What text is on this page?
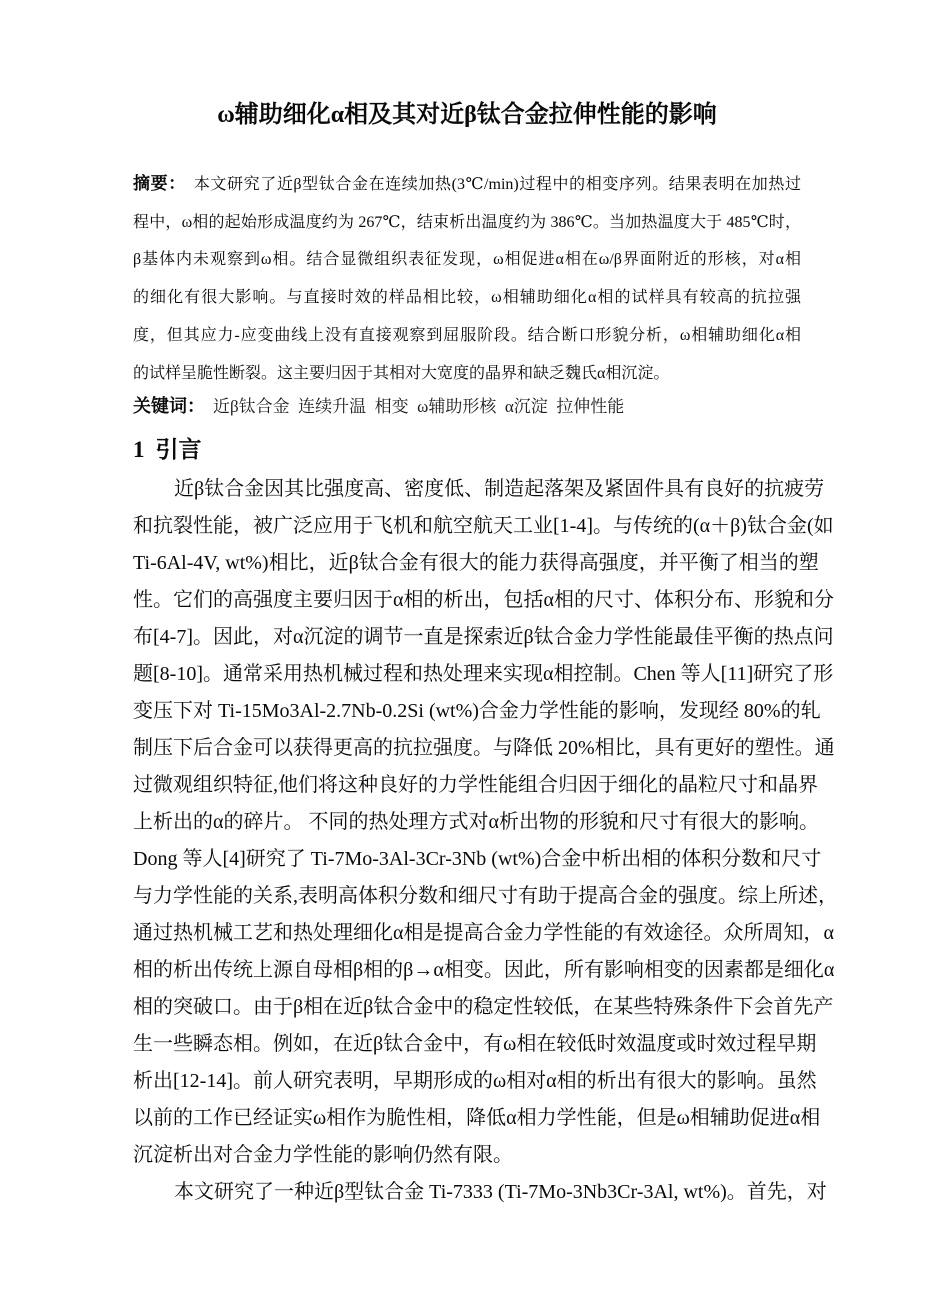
ω辅助细化α相及其对近β钛合金拉伸性能的影响
摘要： 本文研究了近β型钛合金在连续加热(3℃/min)过程中的相变序列。结果表明在加热过
程中，ω相的起始形成温度约为 267℃，结束析出温度约为 386℃。当加热温度大于 485℃时，
β基体内未观察到ω相。结合显微组织表征发现，ω相促进α相在ω/β界面附近的形核，对α相
的细化有很大影响。与直接时效的样品相比较，ω相辅助细化α相的试样具有较高的抗拉强
度，但其应力-应变曲线上没有直接观察到屈服阶段。结合断口形貌分析，ω相辅助细化α相
的试样呈脆性断裂。这主要归因于其相对大宽度的晶界和缺乏魏氏α相沉淀。
关键词： 近β钛合金  连续升温  相变  ω辅助形核  α沉淀  拉伸性能
1 引言
近β钛合金因其比强度高、密度低、制造起落架及紧固件具有良好的抗疲劳
和抗裂性能，被广泛应用于飞机和航空航天工业[1-4]。与传统的(α＋β)钛合金(如
Ti-6Al-4V, wt%)相比，近β钛合金有很大的能力获得高强度，并平衡了相当的塑
性。它们的高强度主要归因于α相的析出，包括α相的尺寸、体积分布、形貌和分
布[4-7]。因此，对α沉淀的调节一直是探索近β钛合金力学性能最佳平衡的热点问
题[8-10]。通常采用热机械过程和热处理来实现α相控制。Chen 等人[11]研究了形
变压下对 Ti-15Mo3Al-2.7Nb-0.2Si (wt%)合金力学性能的影响，发现经 80%的轧
制压下后合金可以获得更高的抗拉强度。与降低 20%相比，具有更好的塑性。通
过微观组织特征,他们将这种良好的力学性能组合归因于细化的晶粒尺寸和晶界
上析出的α的碎片。 不同的热处理方式对α析出物的形貌和尺寸有很大的影响。
Dong 等人[4]研究了 Ti-7Mo-3Al-3Cr-3Nb (wt%)合金中析出相的体积分数和尺寸
与力学性能的关系,表明高体积分数和细尺寸有助于提高合金的强度。综上所述，
通过热机械工艺和热处理细化α相是提高合金力学性能的有效途径。众所周知，α
相的析出传统上源自母相β相的β→α相变。因此，所有影响相变的因素都是细化α
相的突破口。由于β相在近β钛合金中的稳定性较低，在某些特殊条件下会首先产
生一些瞬态相。例如，在近β钛合金中，有ω相在较低时效温度或时效过程早期
析出[12-14]。前人研究表明，早期形成的ω相对α相的析出有很大的影响。虽然
以前的工作已经证实ω相作为脆性相，降低α相力学性能，但是ω相辅助促进α相
沉淀析出对合金力学性能的影响仍然有限。
本文研究了一种近β型钛合金 Ti-7333 (Ti-7Mo-3Nb3Cr-3Al, wt%)。首先，对
